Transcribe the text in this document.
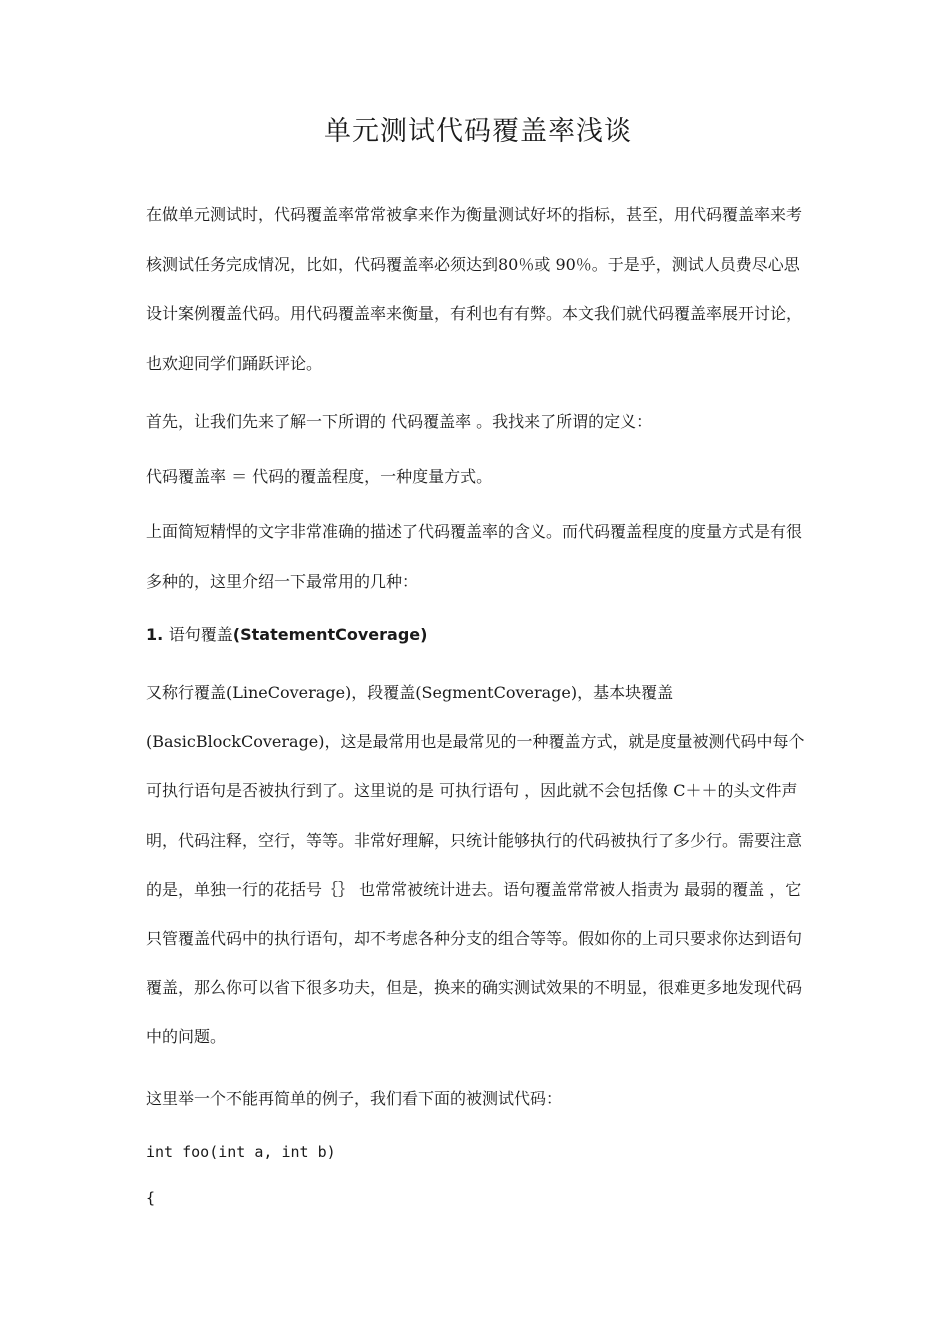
单元测试代码覆盖率浅谈

在做单元测试时，代码覆盖率常常被拿来作为衡量测试好坏的指标，甚至，用代码覆盖率来考核测试任务完成情况，比如，代码覆盖率必须达到80％或 90％。于是乎，测试人员费尽心思设计案例覆盖代码。用代码覆盖率来衡量，有利也有有弊。本文我们就代码覆盖率展开讨论，也欢迎同学们踊跃评论。

首先，让我们先来了解一下所谓的 代码覆盖率 。我找来了所谓的定义：

代码覆盖率 ＝ 代码的覆盖程度，一种度量方式。

上面简短精悍的文字非常准确的描述了代码覆盖率的含义。而代码覆盖程度的度量方式是有很多种的，这里介绍一下最常用的几种：

1. 语句覆盖(StatementCoverage)

又称行覆盖(LineCoverage)，段覆盖(SegmentCoverage)，基本块覆盖(BasicBlockCoverage)，这是最常用也是最常见的一种覆盖方式，就是度量被测代码中每个可执行语句是否被执行到了。这里说的是 可执行语句 ，因此就不会包括像 C＋＋的头文件声明，代码注释，空行，等等。非常好理解，只统计能够执行的代码被执行了多少行。需要注意的是，单独一行的花括号｛｝ 也常常被统计进去。语句覆盖常常被人指责为 最弱的覆盖 ，它只管覆盖代码中的执行语句，却不考虑各种分支的组合等等。假如你的上司只要求你达到语句覆盖，那么你可以省下很多功夫，但是，换来的确实测试效果的不明显，很难更多地发现代码中的问题。

这里举一个不能再简单的例子，我们看下面的被测试代码：

int foo(int a, int b)
{
